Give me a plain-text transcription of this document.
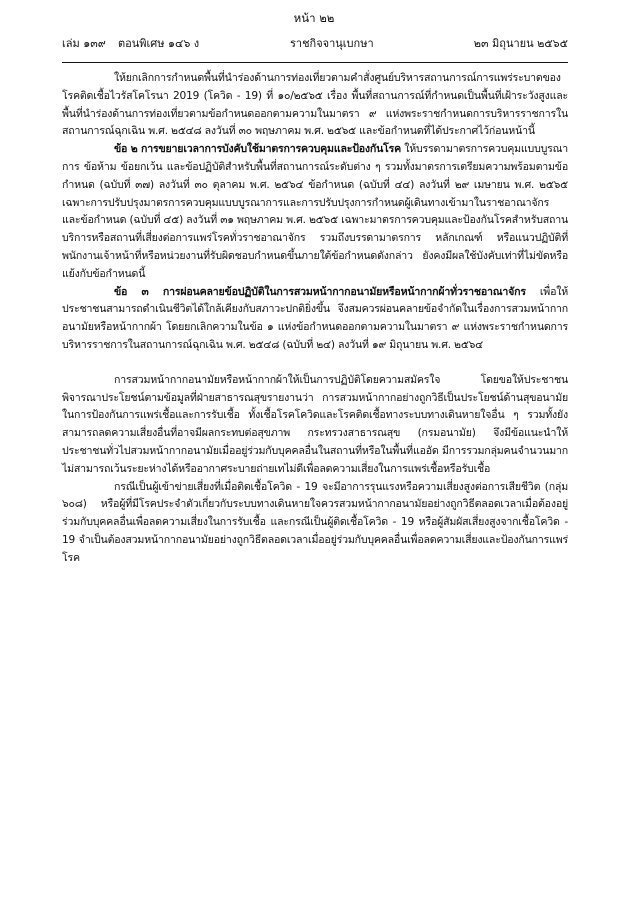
หน้า ๒๒
เล่ม ๑๓๙ ตอนพิเศษ ๑๔๖ ง	ราชกิจจานุเบกษา	๒๓ มิถุนายน ๒๕๖๕

ให้ยกเลิกการกำหนดพื้นที่นำร่องด้านการท่องเที่ยวตามคำสั่งศูนย์บริหารสถานการณ์การแพร่ระบาดของโรคติดเชื้อไวรัสโคโรนา 2019 (โควิด - 19) ที่ ๑๐/๒๕๖๕ เรื่อง พื้นที่สถานการณ์ที่กำหนดเป็นพื้นที่เฝ้าระวังสูงและพื้นที่นำร่องด้านการท่องเที่ยวตามข้อกำหนดออกตามความในมาตรา ๙ แห่งพระราชกำหนดการบริหารราชการในสถานการณ์ฉุกเฉิน พ.ศ. ๒๕๔๘ ลงวันที่ ๓๐ พฤษภาคม พ.ศ. ๒๕๖๕ และข้อกำหนดที่ได้ประกาศไว้ก่อนหน้านี้

ข้อ ๒ การขยายเวลาการบังคับใช้มาตรการควบคุมและป้องกันโรค ให้บรรดามาตรการควบคุมแบบบูรณาการ ข้อห้าม ข้อยกเว้น และข้อปฏิบัติสำหรับพื้นที่สถานการณ์ระดับต่าง ๆ รวมทั้งมาตรการเตรียมความพร้อมตามข้อกำหนด (ฉบับที่ ๓๗) ลงวันที่ ๓๐ ตุลาคม พ.ศ. ๒๕๖๔ ข้อกำหนด (ฉบับที่ ๔๔) ลงวันที่ ๒๙ เมษายน พ.ศ. ๒๕๖๕ เฉพาะการปรับปรุงมาตรการควบคุมแบบบูรณาการและการปรับปรุงการกำหนดผู้เดินทางเข้ามาในราชอาณาจักร และข้อกำหนด (ฉบับที่ ๔๕) ลงวันที่ ๓๑ พฤษภาคม พ.ศ. ๒๕๖๕ เฉพาะมาตรการควบคุมและป้องกันโรคสำหรับสถานบริการหรือสถานที่เสี่ยงต่อการแพร่โรคทั่วราชอาณาจักร รวมถึงบรรดามาตรการ หลักเกณฑ์ หรือแนวปฏิบัติที่พนักงานเจ้าหน้าที่หรือหน่วยงานที่รับผิดชอบกำหนดขึ้นภายใต้ข้อกำหนดดังกล่าว ยังคงมีผลใช้บังคับเท่าที่ไม่ขัดหรือแย้งกับข้อกำหนดนี้

ข้อ ๓ การผ่อนคลายข้อปฏิบัติในการสวมหน้ากากอนามัยหรือหน้ากากผ้าทั่วราชอาณาจักร เพื่อให้ประชาชนสามารถดำเนินชีวิตได้ใกล้เคียงกับสภาวะปกติยิ่งขึ้น จึงสมควรผ่อนคลายข้อจำกัดในเรื่องการสวมหน้ากากอนามัยหรือหน้ากากผ้า โดยยกเลิกความในข้อ ๑ แห่งข้อกำหนดออกตามความในมาตรา ๙ แห่งพระราชกำหนดการบริหารราชการในสถานการณ์ฉุกเฉิน พ.ศ. ๒๕๔๘ (ฉบับที่ ๒๔) ลงวันที่ ๑๙ มิถุนายน พ.ศ. ๒๕๖๔

การสวมหน้ากากอนามัยหรือหน้ากากผ้าให้เป็นการปฏิบัติโดยความสมัครใจ โดยขอให้ประชาชนพิจารณาประโยชน์ตามข้อมูลที่ฝ่ายสาธารณสุขรายงานว่า การสวมหน้ากากอย่างถูกวิธีเป็นประโยชน์ด้านสุขอนามัยในการป้องกันการแพร่เชื้อและการรับเชื้อ ทั้งเชื้อโรคโควิดและโรคติดเชื้อทางระบบทางเดินหายใจอื่น ๆ รวมทั้งยังสามารถลดความเสี่ยงอื่นที่อาจมีผลกระทบต่อสุขภาพ กระทรวงสาธารณสุข (กรมอนามัย) จึงมีข้อแนะนำให้ประชาชนทั่วไปสวมหน้ากากอนามัยเมื่ออยู่ร่วมกับบุคคลอื่นในสถานที่หรือในพื้นที่แออัด มีการรวมกลุ่มคนจำนวนมาก ไม่สามารถเว้นระยะห่างได้หรืออากาศระบายถ่ายเทไม่ดีเพื่อลดความเสี่ยงในการแพร่เชื้อหรือรับเชื้อ

กรณีเป็นผู้เข้าข่ายเสี่ยงที่เมื่อติดเชื้อโควิด - 19 จะมีอาการรุนแรงหรือความเสี่ยงสูงต่อการเสียชีวิต (กลุ่ม ๖๐๘) หรือผู้ที่มีโรคประจำตัวเกี่ยวกับระบบทางเดินหายใจควรสวมหน้ากากอนามัยอย่างถูกวิธีตลอดเวลาเมื่อต้องอยู่ร่วมกับบุคคลอื่นเพื่อลดความเสี่ยงในการรับเชื้อ และกรณีเป็นผู้ติดเชื้อโควิด - 19 หรือผู้สัมผัสเสี่ยงสูงจากเชื้อโควิด - 19 จำเป็นต้องสวมหน้ากากอนามัยอย่างถูกวิธีตลอดเวลาเมื่ออยู่ร่วมกับบุคคลอื่นเพื่อลดความเสี่ยงและป้องกันการแพร่โรค
